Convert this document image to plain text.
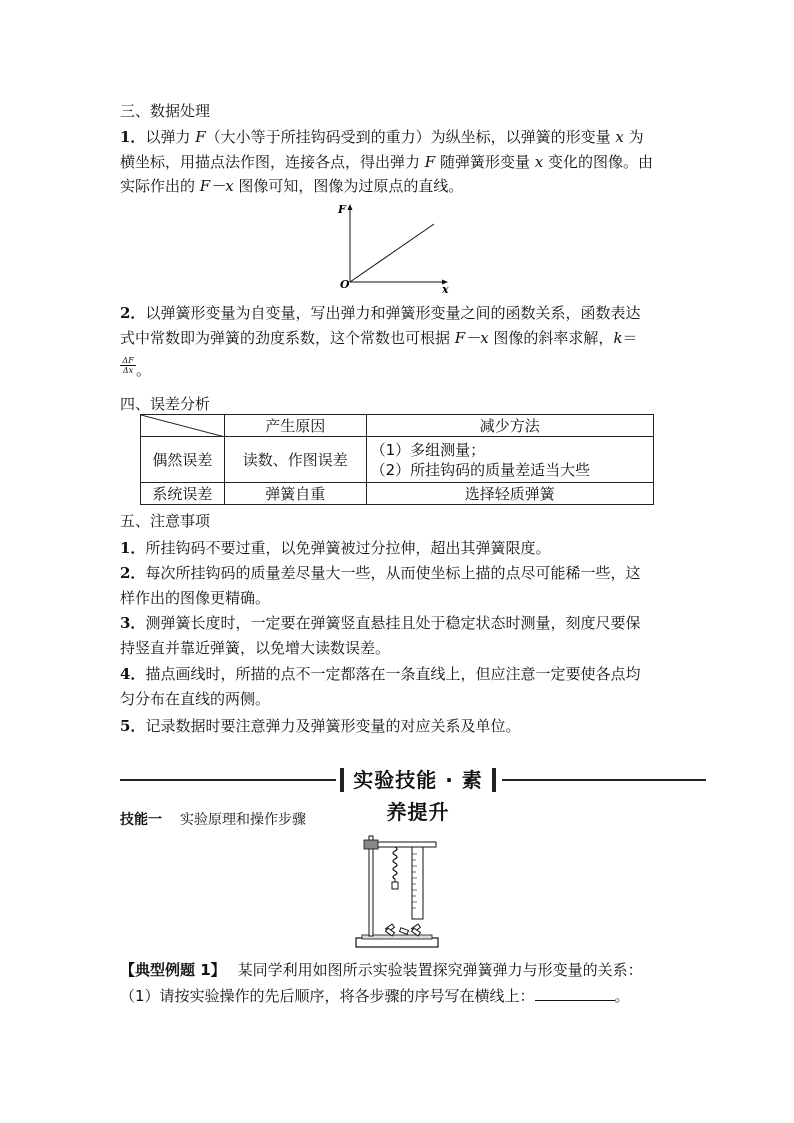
三、数据处理
1．以弹力 F（大小等于所挂钩码受到的重力）为纵坐标，以弹簧的形变量 x 为
横坐标，用描点法作图，连接各点，得出弹力 F 随弹簧形变量 x 变化的图像。由
实际作出的 F－x 图像可知，图像为过原点的直线。
F
x
O
2．以弹簧形变量为自变量，写出弹力和弹簧形变量之间的函数关系，函数表达
式中常数即为弹簧的劲度系数，这个常数也可根据 F－x 图像的斜率求解，k＝
$\frac{\Delta F}{\Delta x}$ 。
四、误差分析
	产生原因	减少方法
偶然误差	读数、作图误差	（1）多组测量；
（2）所挂钩码的质量差适当大些

系统误差	弹簧自重	选择轻质弹簧
五、注意事项
1．所挂钩码不要过重，以免弹簧被过分拉伸，超出其弹簧限度。
2．每次所挂钩码的质量差尽量大一些，从而使坐标上描的点尽可能稀一些，这
样作出的图像更精确。
3．测弹簧长度时，一定要在弹簧竖直悬挂且处于稳定状态时测量，刻度尺要保
持竖直并靠近弹簧，以免增大读数误差。
4．描点画线时，所描的点不一定都落在一条直线上，但应注意一定要使各点均
匀分布在直线的两侧。
5．记录数据时要注意弹力及弹簧形变量的对应关系及单位。
实验技能 · 素养提升
技能一 实验原理和操作步骤
【典型例题 1】 某同学利用如图所示实验装置探究弹簧弹力与形变量的关系：
（1）请按实验操作的先后顺序，将各步骤的序号写在横线上：	。
